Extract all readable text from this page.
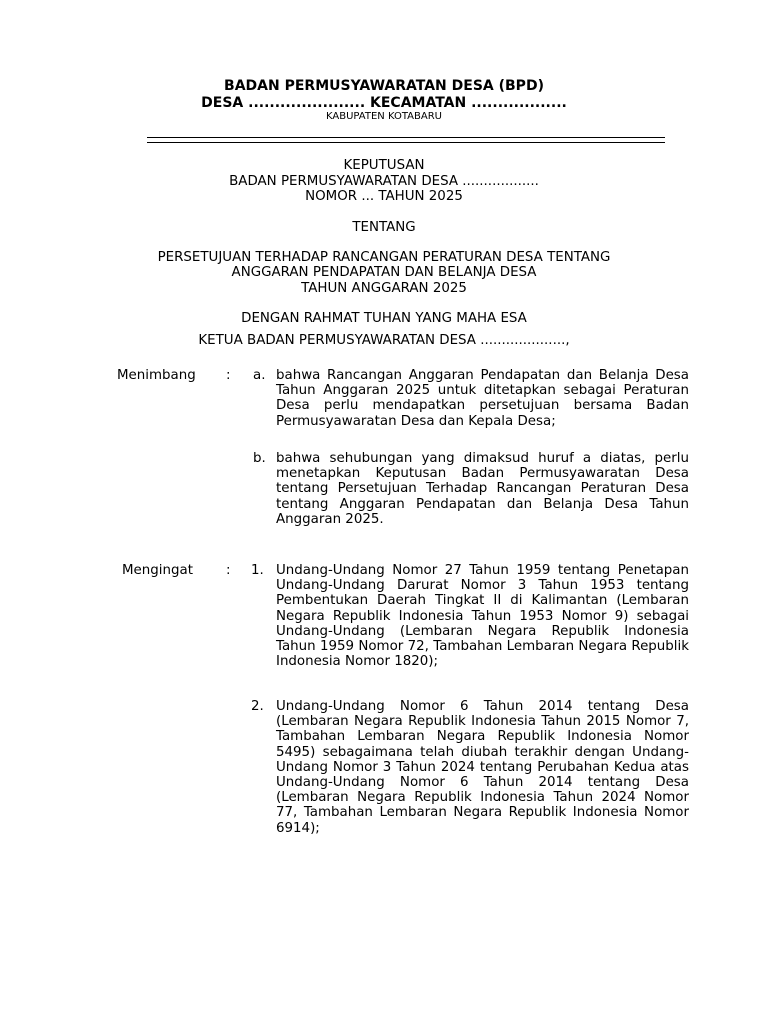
BADAN PERMUSYAWARATAN DESA (BPD)
DESA ...................... KECAMATAN ..................
KABUPATEN KOTABARU
KEPUTUSAN
BADAN PERMUSYAWARATAN DESA ..................
NOMOR ... TAHUN 2025
TENTANG
PERSETUJUAN TERHADAP RANCANGAN PERATURAN DESA TENTANG
ANGGARAN PENDAPATAN DAN BELANJA DESA
TAHUN ANGGARAN 2025
DENGAN RAHMAT TUHAN YANG MAHA ESA
KETUA BADAN PERMUSYAWARATAN DESA ....................,
Menimbang : a. bahwa Rancangan Anggaran Pendapatan dan Belanja Desa Tahun Anggaran 2025 untuk ditetapkan sebagai Peraturan Desa perlu mendapatkan persetujuan bersama Badan Permusyawaratan Desa dan Kepala Desa;
b. bahwa sehubungan yang dimaksud huruf a diatas, perlu menetapkan Keputusan Badan Permusyawaratan Desa tentang Persetujuan Terhadap Rancangan Peraturan Desa tentang Anggaran Pendapatan dan Belanja Desa Tahun Anggaran 2025.
Mengingat : 1. Undang-Undang Nomor 27 Tahun 1959 tentang Penetapan Undang-Undang Darurat Nomor 3 Tahun 1953 tentang Pembentukan Daerah Tingkat II di Kalimantan (Lembaran Negara Republik Indonesia Tahun 1953 Nomor 9) sebagai Undang-Undang (Lembaran Negara Republik Indonesia Tahun 1959 Nomor 72, Tambahan Lembaran Negara Republik Indonesia Nomor 1820);
2. Undang-Undang Nomor 6 Tahun 2014 tentang Desa (Lembaran Negara Republik Indonesia Tahun 2015 Nomor 7, Tambahan Lembaran Negara Republik Indonesia Nomor 5495) sebagaimana telah diubah terakhir dengan Undang-Undang Nomor 3 Tahun 2024 tentang Perubahan Kedua atas Undang-Undang Nomor 6 Tahun 2014 tentang Desa (Lembaran Negara Republik Indonesia Tahun 2024 Nomor 77, Tambahan Lembaran Negara Republik Indonesia Nomor 6914);
